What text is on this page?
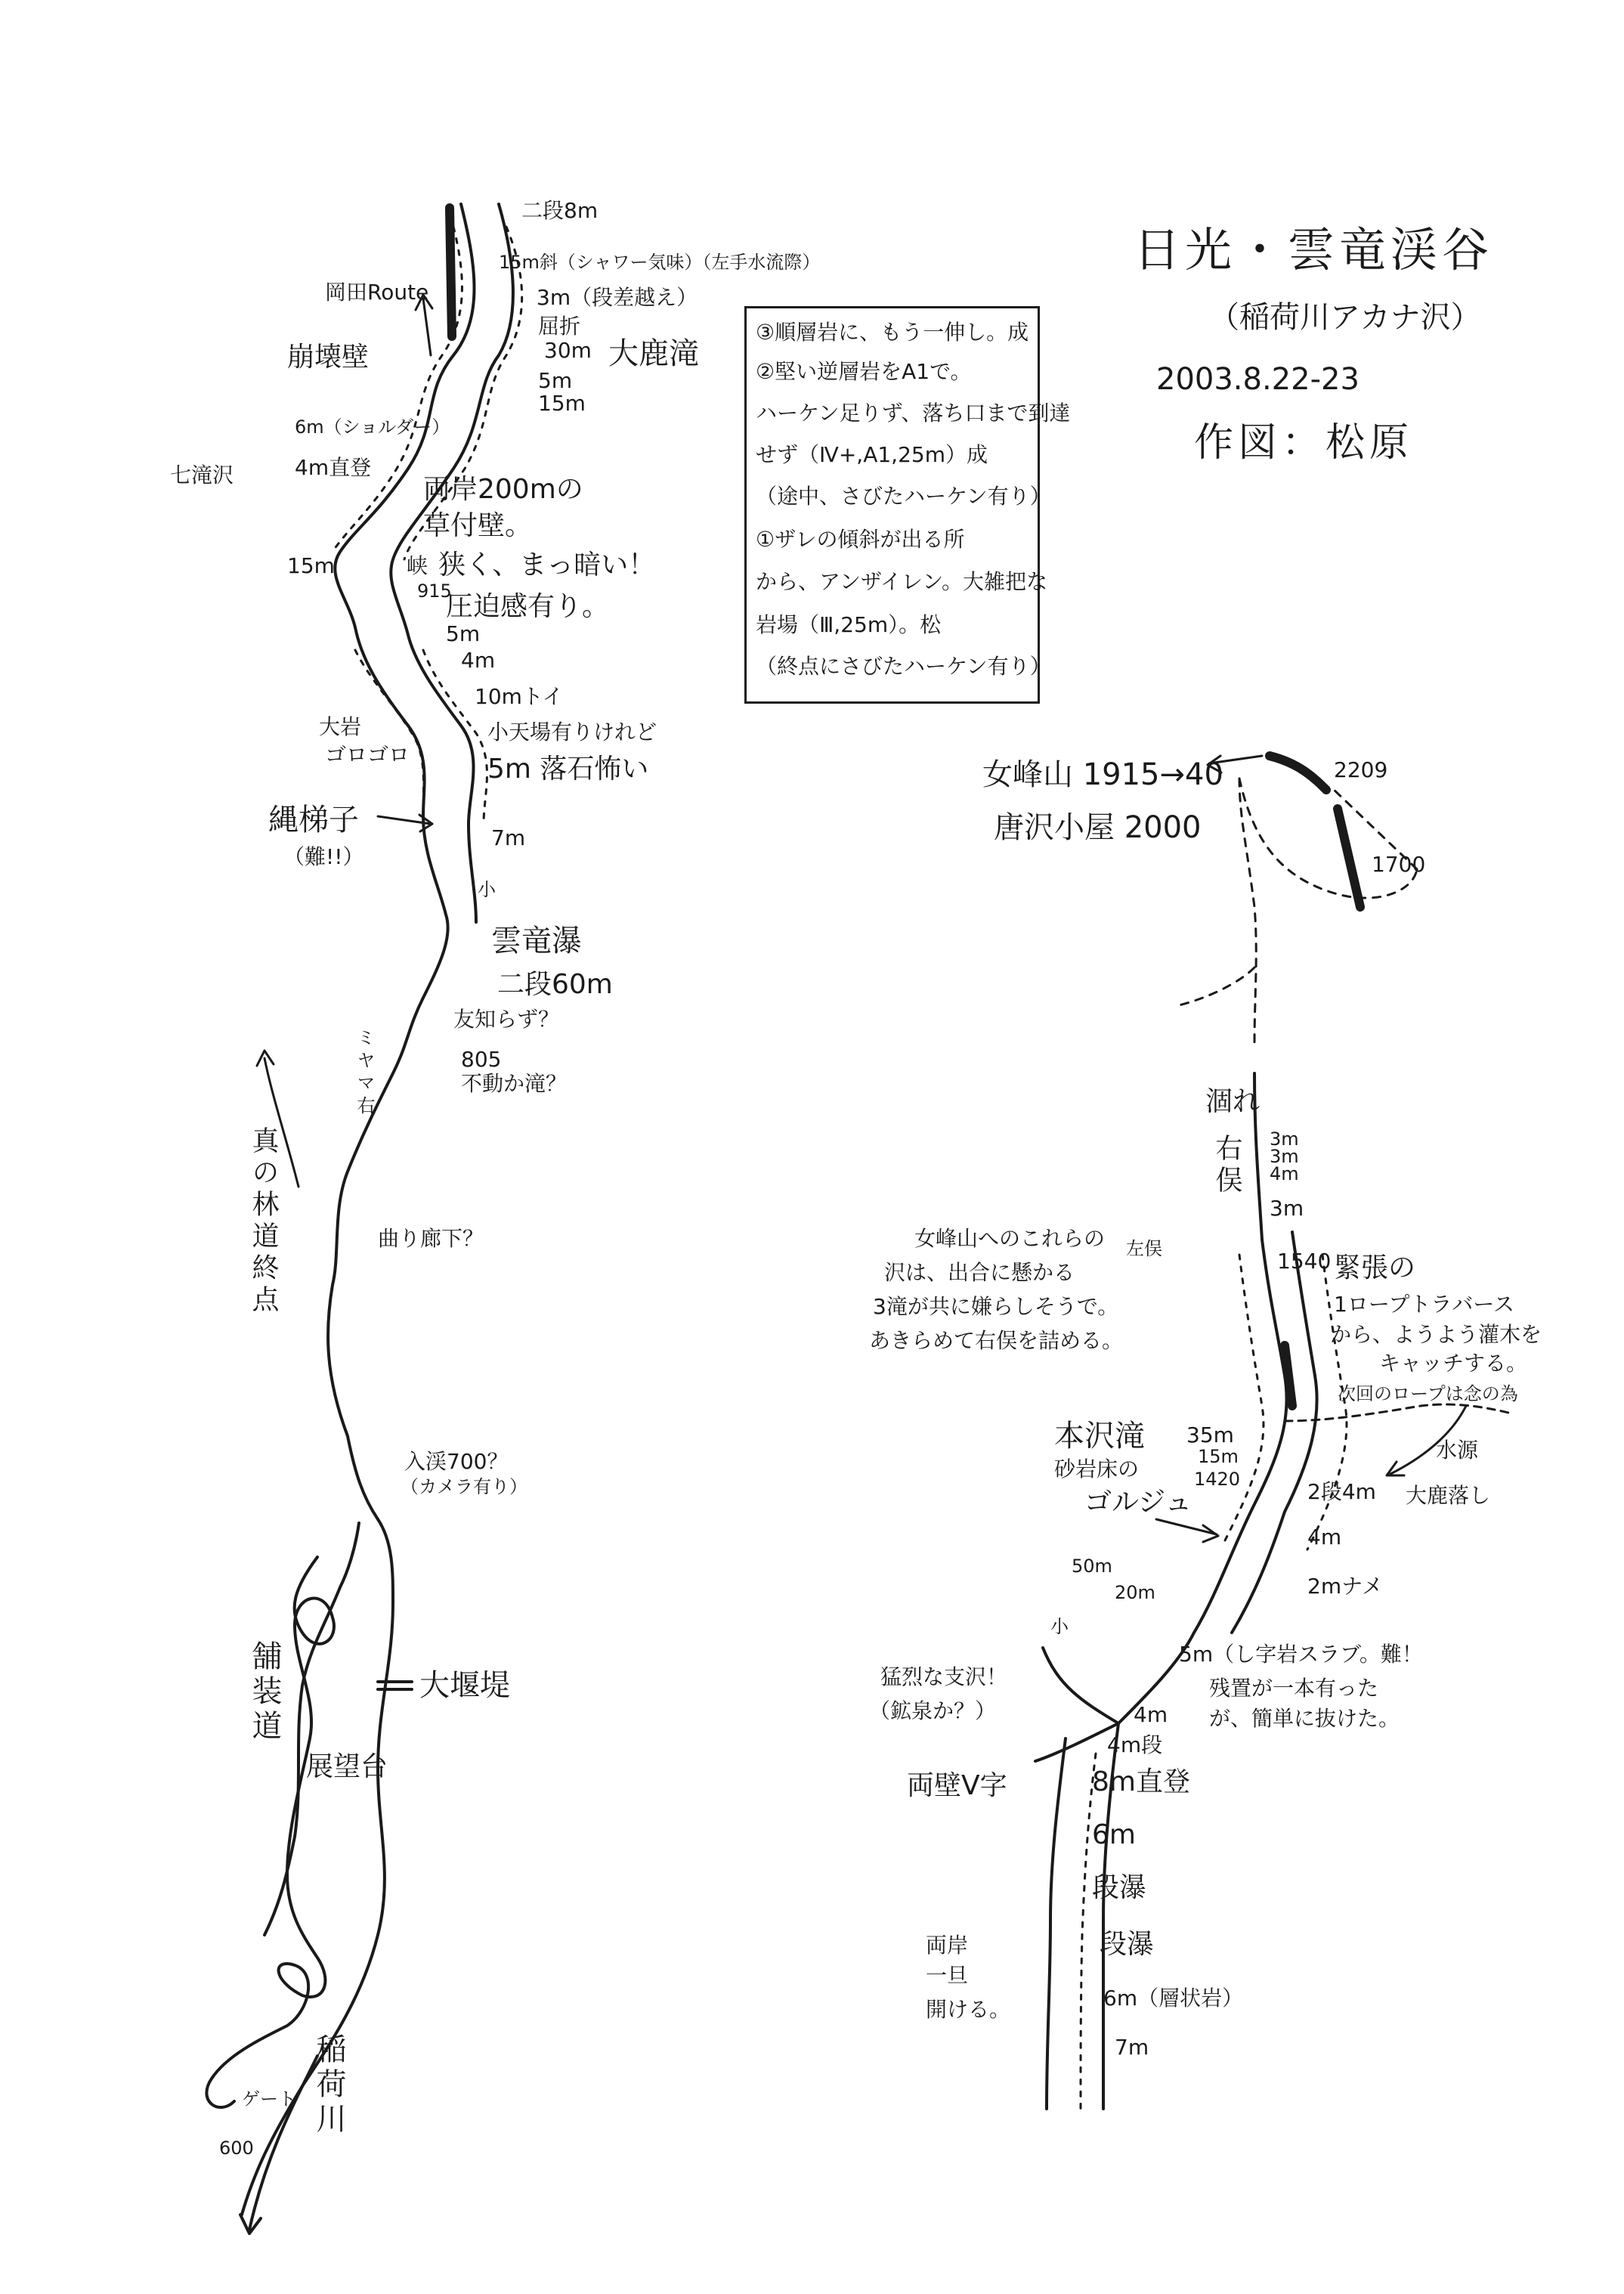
日光・雲竜渓谷
（稲荷川アカナ沢）
2003.8.22-23
作図：松原
③順層岩に、もう一伸し。成
②堅い逆層岩をA1で。
ハーケン足りず、落ち口まで到達
せず（Ⅳ+,A1,25m）成
（途中、さびたハーケン有り）
①ザレの傾斜が出る所
から、アンザイレン。大雑把な
岩場（Ⅲ,25m）。松
（終点にさびたハーケン有り）
二段8m
15m斜（シャワー気味）（左手水流際）
3m（段差越え）
屈折
30m
5m
15m
大鹿滝
岡田Route
崩壊壁
6m（ショルダー）
4m直登
七滝沢
15m
両岸200mの
草付壁。
峡 狭く、まっ暗い！
圧迫感有り。
915
5m
4m
10mトイ
大岩
ゴロゴロ
小天場有りけれど
5m 落石怖い
縄梯子
（難!!）
7m
小
雲竜瀑
二段60m
友知らず？
805
不動か滝？
ミヤマ右
真の林道終点	曲り廊下？
入渓700？
（カメラ有り）
大堰堤
舗装道
展望台
ゲート
600
稲荷川
女峰山 1915→40
唐沢小屋 2000
2209
1700
涸れ
右俣 3m
3m
4m
3m
女峰山へのこれらの
沢は、出合に懸かる
3滝が共に嫌らしそうで。
あきらめて右俣を詰める。
左俣	1540 緊張の
1ロープトラバース
から、ようよう灌木を
キャッチする。
次回のロープは念の為
本沢滝 35m
砂岩床の
ゴルジュ
15m
1420
水源
2段4m 大鹿落し
4m
50m
20m	2mナメ
小
猛烈な支沢！
（鉱泉か？）
5m（し字岩スラブ。難！
残置が一本有った
が、簡単に抜けた。
4m
4m段
両壁V字	8m直登
6m
段瀑
段瀑
6m（層状岩）
7m
両岸
一旦
開ける。
